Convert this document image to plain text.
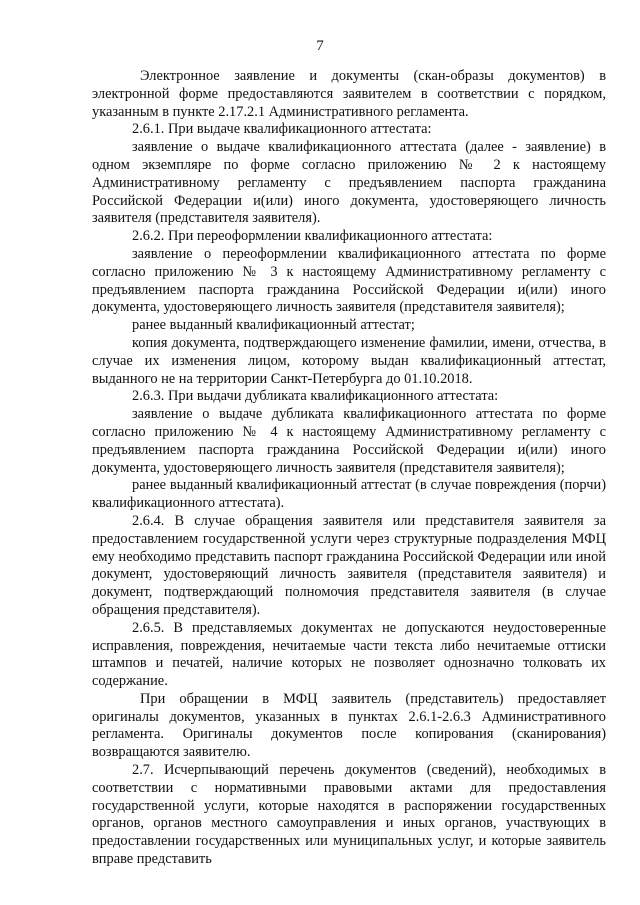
7

Электронное заявление и документы (скан-образы документов) в электронной форме предоставляются заявителем в соответствии с порядком, указанным в пункте 2.17.2.1 Административного регламента.

2.6.1. При выдаче квалификационного аттестата:

заявление о выдаче квалификационного аттестата (далее - заявление) в одном экземпляре по форме согласно приложению № 2 к настоящему Административному регламенту с предъявлением паспорта гражданина Российской Федерации и(или) иного документа, удостоверяющего личность заявителя (представителя заявителя).

2.6.2. При переоформлении квалификационного аттестата:

заявление о переоформлении квалификационного аттестата по форме согласно приложению № 3 к настоящему Административному регламенту с предъявлением паспорта гражданина Российской Федерации и(или) иного документа, удостоверяющего личность заявителя (представителя заявителя);

ранее выданный квалификационный аттестат;

копия документа, подтверждающего изменение фамилии, имени, отчества, в случае их изменения лицом, которому выдан квалификационный аттестат, выданного не на территории Санкт-Петербурга до 01.10.2018.

2.6.3. При выдачи дубликата квалификационного аттестата:

заявление о выдаче дубликата квалификационного аттестата по форме согласно приложению № 4 к настоящему Административному регламенту с предъявлением паспорта гражданина Российской Федерации и(или) иного документа, удостоверяющего личность заявителя (представителя заявителя);

ранее выданный квалификационный аттестат (в случае повреждения (порчи) квалификационного аттестата).

2.6.4. В случае обращения заявителя или представителя заявителя за предоставлением государственной услуги через структурные подразделения МФЦ ему необходимо представить паспорт гражданина Российской Федерации или иной документ, удостоверяющий личность заявителя (представителя заявителя) и документ, подтверждающий полномочия представителя заявителя (в случае обращения представителя).

2.6.5. В представляемых документах не допускаются неудостоверенные исправления, повреждения, нечитаемые части текста либо нечитаемые оттиски штампов и печатей, наличие которых не позволяет однозначно толковать их содержание.

При обращении в МФЦ заявитель (представитель) предоставляет оригиналы документов, указанных в пунктах 2.6.1-2.6.3 Административного регламента. Оригиналы документов после копирования (сканирования) возвращаются заявителю.

2.7. Исчерпывающий перечень документов (сведений), необходимых в соответствии с нормативными правовыми актами для предоставления государственной услуги, которые находятся в распоряжении государственных органов, органов местного самоуправления и иных органов, участвующих в предоставлении государственных или муниципальных услуг, и которые заявитель вправе представить
